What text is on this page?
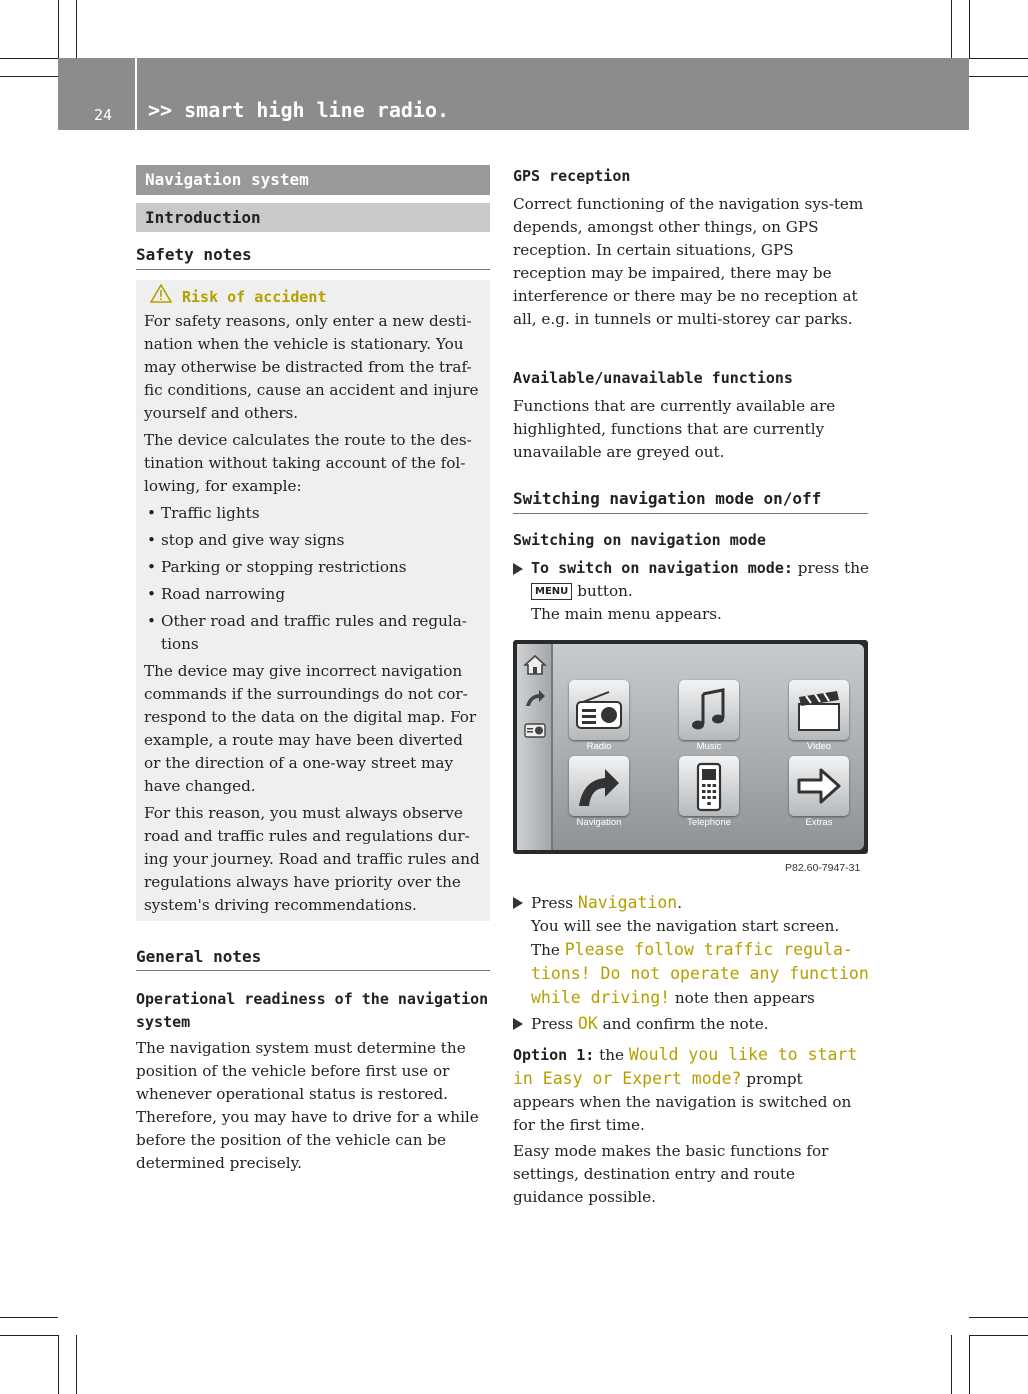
24 >> smart high line radio.
Navigation system
Introduction
Safety notes
Risk of accident

For safety reasons, only enter a new desti-nation when the vehicle is stationary. You may otherwise be distracted from the traf-fic conditions, cause an accident and injure yourself and others.

The device calculates the route to the des-tination without taking account of the fol-lowing, for example:

• Traffic lights
• stop and give way signs
• Parking or stopping restrictions
• Road narrowing
• Other road and traffic rules and regula-tions

The device may give incorrect navigation commands if the surroundings do not cor-respond to the data on the digital map. For example, a route may have been diverted or the direction of a one-way street may have changed.

For this reason, you must always observe road and traffic rules and regulations dur-ing your journey. Road and traffic rules and regulations always have priority over the system's driving recommendations.

General notes
Operational readiness of the navigation system
The navigation system must determine the position of the vehicle before first use or whenever operational status is restored. Therefore, you may have to drive for a while before the position of the vehicle can be determined precisely.
GPS reception
Correct functioning of the navigation sys-tem depends, amongst other things, on GPS reception. In certain situations, GPS reception may be impaired, there may be interference or there may be no reception at all, e.g. in tunnels or multi-storey car parks.
Available/unavailable functions
Functions that are currently available are highlighted, functions that are currently unavailable are greyed out.
Switching navigation mode on/off
Switching on navigation mode
To switch on navigation mode: press the
MENU button.
The main menu appears.
Radio	Music	Video
Navigation	Telephone	Extras
P82.60-7947-31
Press Navigation.
You will see the navigation start screen.
The Please follow traffic regula-tions! Do not operate any function while driving! note then appears
Press OK and confirm the note.
Option 1: the Would you like to start in Easy or Expert mode? prompt appears when the navigation is switched on for the first time.
Easy mode makes the basic functions for settings, destination entry and route guidance possible.
